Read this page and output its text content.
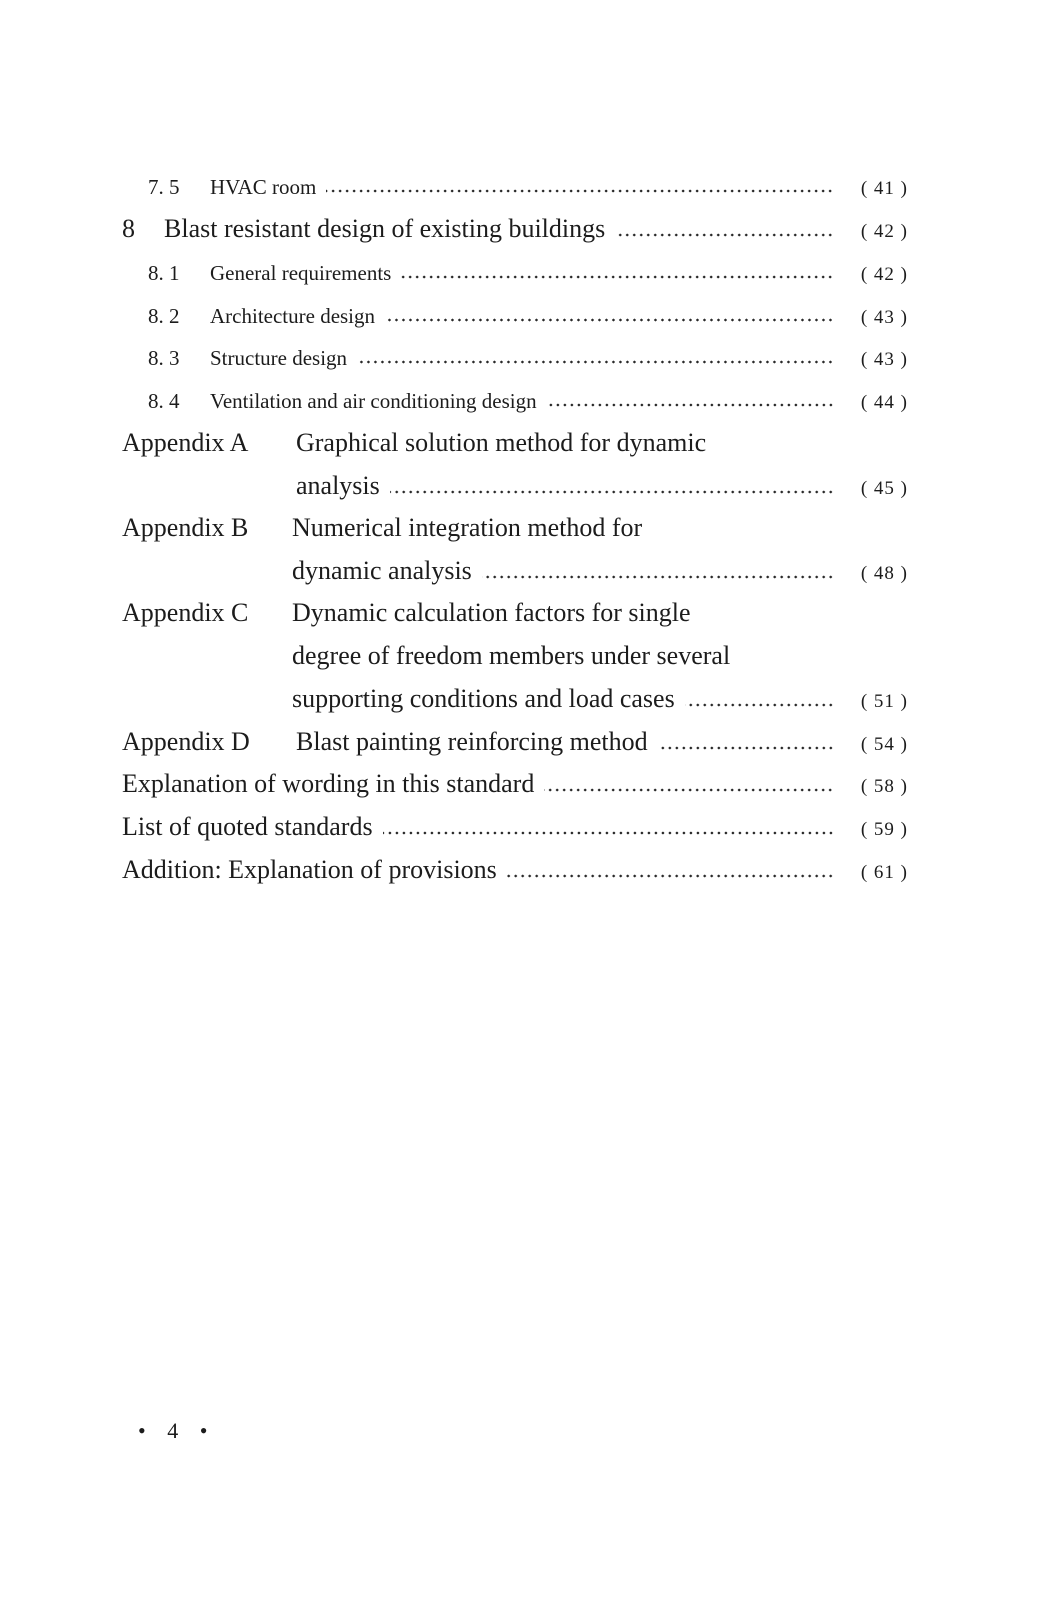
7. 5	HVAC room	( 41 )
8	Blast resistant design of existing buildings	( 42 )
8. 1	General requirements	( 42 )
8. 2	Architecture design	( 43 )
8. 3	Structure design	( 43 )
8. 4	Ventilation and air conditioning design	( 44 )
Appendix A	Graphical solution method for dynamic
analysis	( 45 )
Appendix B	Numerical integration method for
dynamic analysis	( 48 )
Appendix C	Dynamic calculation factors for single
degree of freedom members under several
supporting conditions and load cases	( 51 )
Appendix D	Blast painting reinforcing method	( 54 )
Explanation of wording in this standard	( 58 )
List of quoted standards	( 59 )
Addition: Explanation of provisions	( 61 )
• 4 •
